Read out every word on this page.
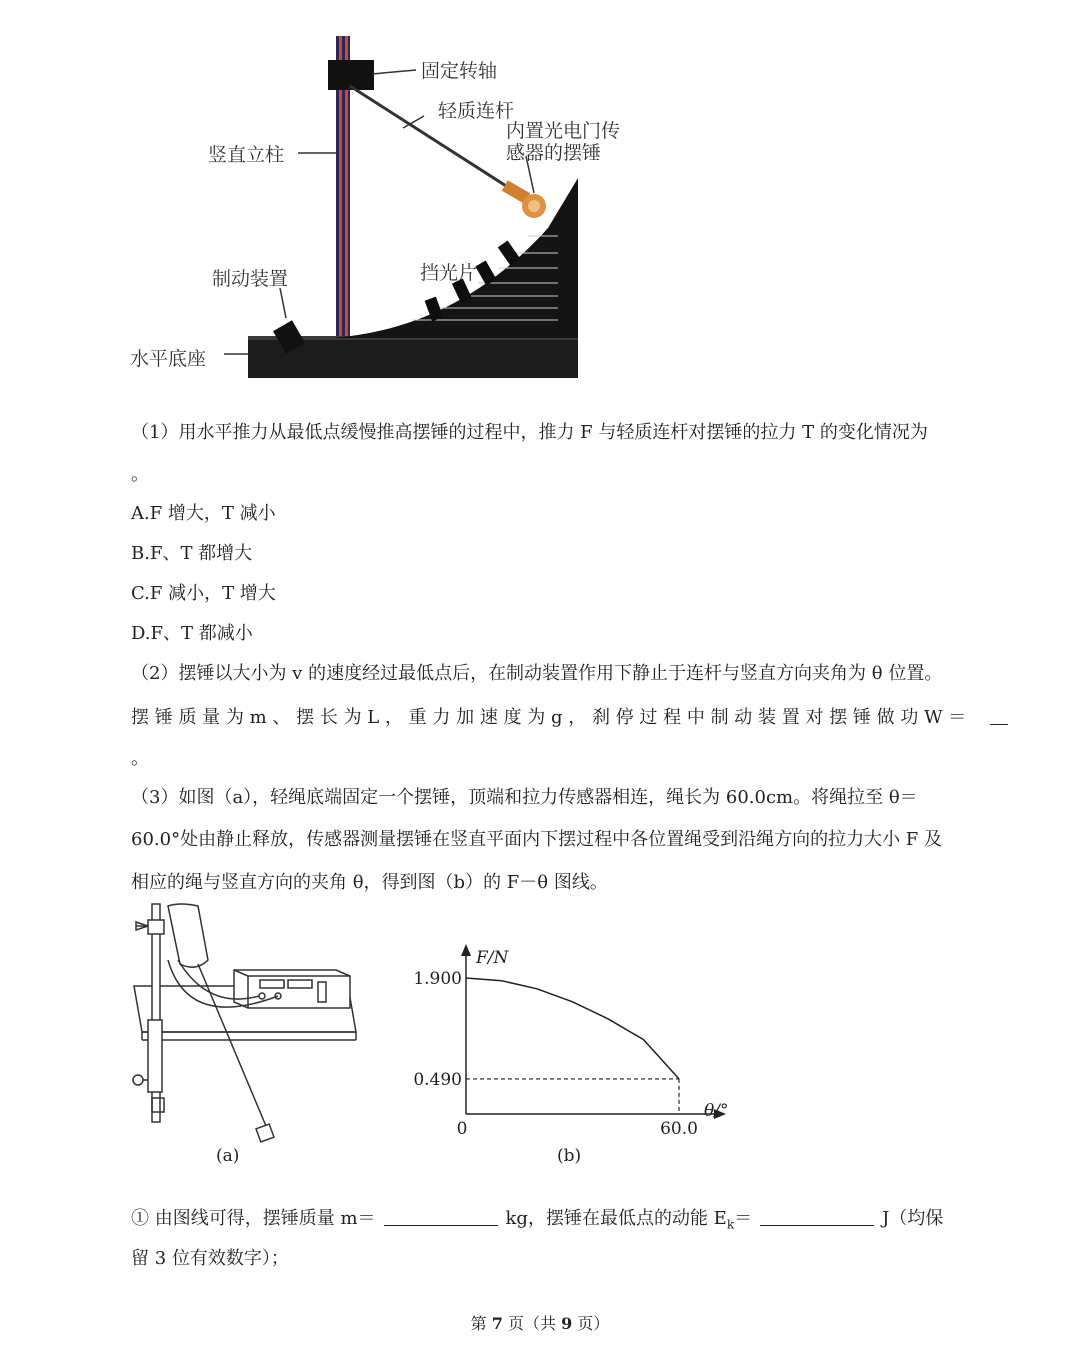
固定转轴
轻质连杆
内置光电门传
感器的摆锤
竖直立柱
挡光片
制动装置
水平底座
（1）用水平推力从最低点缓慢推高摆锤的过程中，推力 F 与轻质连杆对摆锤的拉力 T 的变化情况为
。
A.F 增大，T 减小
B.F、T 都增大
C.F 减小，T 增大
D.F、T 都减小
（2）摆锤以大小为 v 的速度经过最低点后，在制动装置作用下静止于连杆与竖直方向夹角为 θ 位置。
摆 锤 质 量 为 m 、 摆 长 为 L ， 重 力 加 速 度 为 g ， 刹 停 过 程 中 制 动 装 置 对 摆 锤 做 功 W ＝
。
（3）如图（a），轻绳底端固定一个摆锤，顶端和拉力传感器相连，绳长为 60.0cm。将绳拉至 θ＝
60.0°处由静止释放，传感器测量摆锤在竖直平面内下摆过程中各位置绳受到沿绳方向的拉力大小 F 及
相应的绳与竖直方向的夹角 θ，得到图（b）的 F－θ 图线。
(a)
F/N
θ/°
1.900
0.490
0	60.0
(b)
① 由图线可得，摆锤质量 m＝	kg，摆锤在最低点的动能 $E_k=$	J（均保
留 3 位有效数字）；
第 7 页（共 9 页）
